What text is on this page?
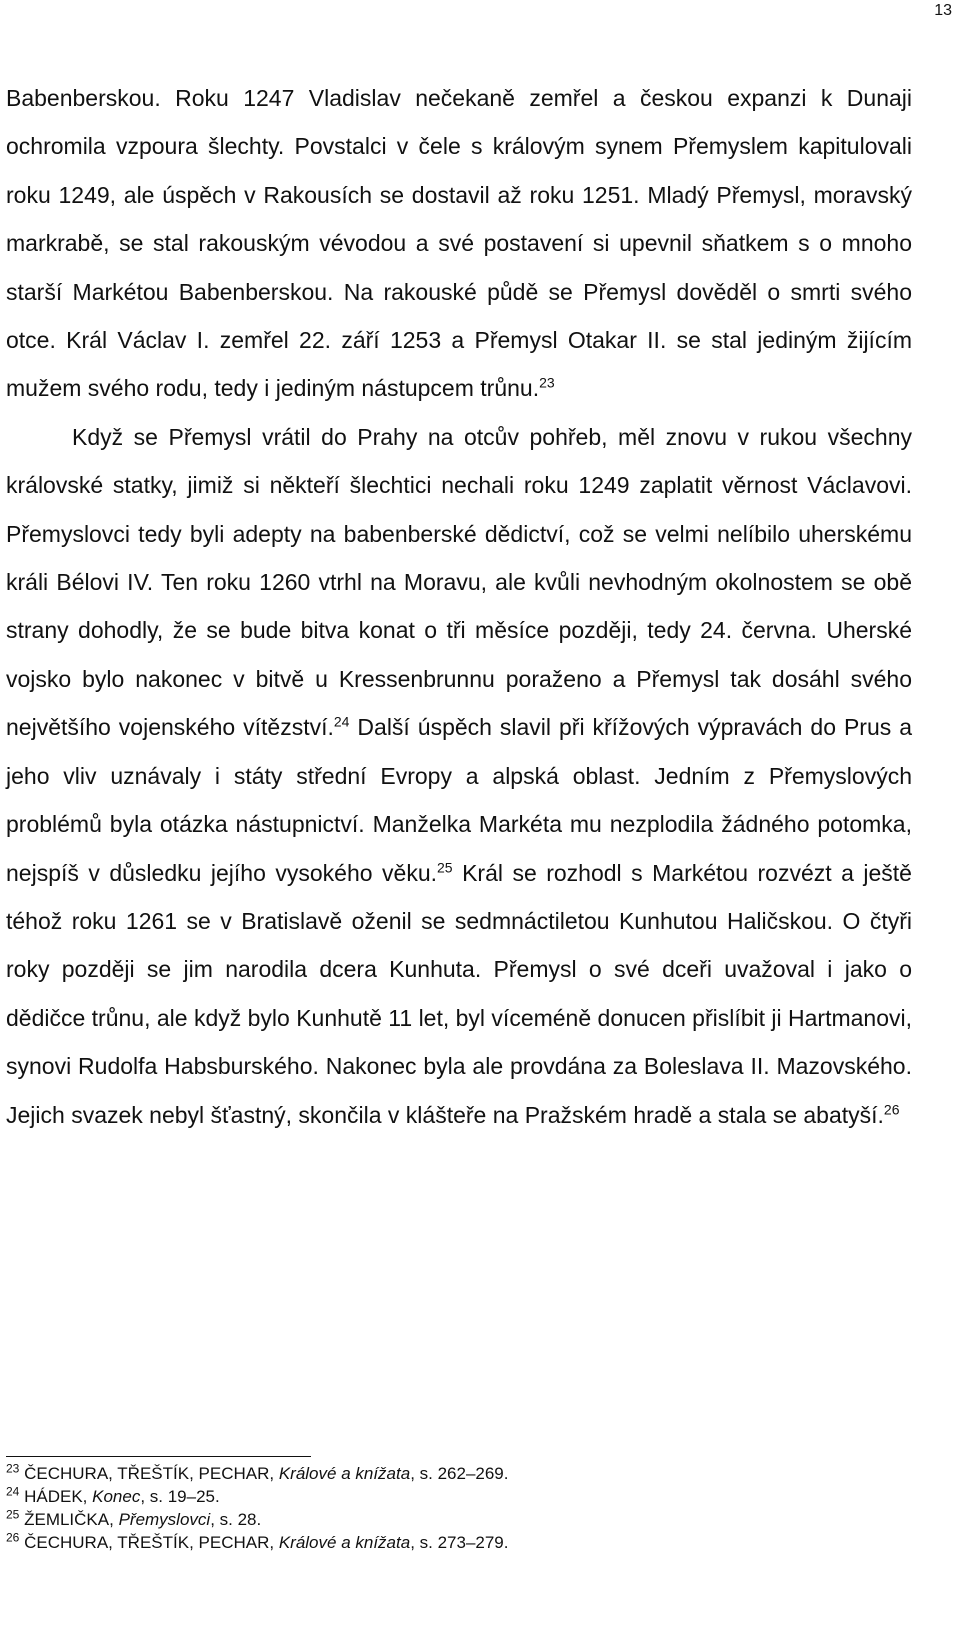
13

Babenberskou. Roku 1247 Vladislav nečekaně zemřel a českou expanzi k Dunaji ochromila vzpoura šlechty. Povstalci v čele s královým synem Přemyslem kapitulovali roku 1249, ale úspěch v Rakousích se dostavil až roku 1251. Mladý Přemysl, moravský markrabě, se stal rakouským vévodou a své postavení si upevnil sňatkem s o mnoho starší Markétou Babenberskou. Na rakouské půdě se Přemysl dověděl o smrti svého otce. Král Václav I. zemřel 22. září 1253 a Přemysl Otakar II. se stal jediným žijícím mužem svého rodu, tedy i jediným nástupcem trůnu.$^{23}$

Když se Přemysl vrátil do Prahy na otcův pohřeb, měl znovu v rukou všechny královské statky, jimiž si někteří šlechtici nechali roku 1249 zaplatit věrnost Václavovi. Přemyslovci tedy byli adepty na babenberské dědictví, což se velmi nelíbilo uherskému králi Bélovi IV. Ten roku 1260 vtrhl na Moravu, ale kvůli nevhodným okolnostem se obě strany dohodly, že se bude bitva konat o tři měsíce později, tedy 24. června. Uherské vojsko bylo nakonec v bitvě u Kressenbrunnu poraženo a Přemysl tak dosáhl svého největšího vojenského vítězství.$^{24}$ Další úspěch slavil při křížových výpravách do Prus a jeho vliv uznávaly i státy střední Evropy a alpská oblast. Jedním z Přemyslových problémů byla otázka nástupnictví. Manželka Markéta mu nezplodila žádného potomka, nejspíš v důsledku jejího vysokého věku.$^{25}$ Král se rozhodl s Markétou rozvézt a ještě téhož roku 1261 se v Bratislavě oženil se sedmnáctiletou Kunhutou Haličskou. O čtyři roky později se jim narodila dcera Kunhuta. Přemysl o své dceři uvažoval i jako o dědičce trůnu, ale když bylo Kunhutě 11 let, byl víceméně donucen přislíbit ji Hartmanovi, synovi Rudolfa Habsburského. Nakonec byla ale provdána za Boleslava II. Mazovského. Jejich svazek nebyl šťastný, skončila v klášteře na Pražském hradě a stala se abatyší.$^{26}$

$^{23}$ ČECHURA, TŘEŠTÍK, PECHAR, Králové a knížata, s. 262–269.

$^{24}$ HÁDEK, Konec, s. 19–25.

$^{25}$ ŽEMLIČKA, Přemyslovci, s. 28.

$^{26}$ ČECHURA, TŘEŠTÍK, PECHAR, Králové a knížata, s. 273–279.
